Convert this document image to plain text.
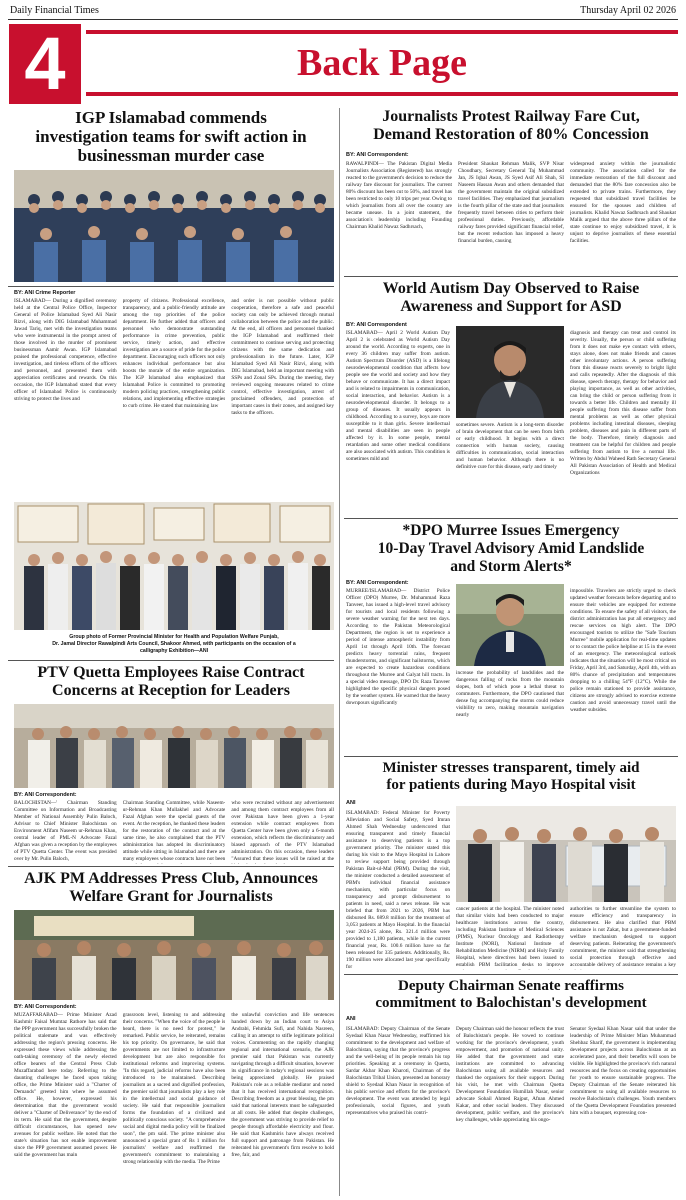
Daily Financial Times	Thursday April 02 2026
4	Back Page
IGP Islamabad commends
investigation teams for swift action in
businessman murder case
BY: ANI Crime Reporter
ISLAMABAD— During a dignified ceremony held at the Central Police Office, Inspector General of Police Islamabad Syed Ali Nasir Rizvi, along with DIG Islamabad Muhammad Jawad Tariq, met with the investigation teams who were instrumental in the prompt arrest of those involved in the murder of prominent businessman Aamir Awan. IGP Islamabad praised the professional competence, effective investigation, and tireless efforts of the officers and personnel, and presented them with appreciation certificates and rewards. On this occasion, the IGP Islamabad stated that every officer of Islamabad Police is continuously striving to protect the lives and
property of citizens. Professional excellence, transparency, and a public-friendly attitude are among the top priorities of the police department. He further added that officers and personnel who demonstrate outstanding performance in crime prevention, public service, timely action, and effective investigation are a source of pride for the police department. Encouraging such officers not only enhances individual performance but also boosts the morale of the entire organization. The IGP Islamabad also emphasized that Islamabad Police is committed to promoting modern policing practices, strengthening public relations, and implementing effective strategies to curb crime. He stated that maintaining law
and order is not possible without public cooperation, therefore a safe and peaceful society can only be achieved through mutual collaboration between the police and the public. At the end, all officers and personnel thanked the IGP Islamabad and reaffirmed their commitment to continue serving and protecting citizens with the same dedication and professionalism in the future. Later, IGP Islamabad Syed Ali Nasir Rizvi, along with DIG Islamabad, held an important meeting with SSPs and Zonal SPs. During the meeting, they reviewed ongoing measures related to crime control, effective investigation, arrest of proclaimed offenders, and protection of important cases in their zones, and assigned key tasks to the officers.
Group photo of Former Provincial Minister for Health and Population Welfare Punjab,
Dr. Jamal Director Rawalpindi Arts Council, Shakoor Ahmed, with participants on the occasion of a
calligraphy Exhibition—ANI
PTV Quetta Employees Raise Contract
Concerns at Reception for Leaders
BY: ANI Correspondent:
BALOCHISTAN—' Chairman Standing Committee on Information and Broadcasting Member of National Assembly Pulin Baloch, Advisor to Chief Minister Balochistan on Environment Afifam Naseem ur-Rehman Khan, central leader of PML-N Advocate Fazal Afghan was given a reception by the employees of PTV Quetta Center. The event was presided over by Mr. Pulin Baloch,
Chairman Standing Committee, while Naseem-ur-Rehman Khan Mullakhel and Advocate Fazal Afghan were the special guests of the event. At the reception, he thanked these leaders for the restoration of the contract and at the same time, he also complained that the PTV administration has adopted its discriminatory attitude while sitting in Islamabad and there are many employees whose contracts have not been
who were recruited without any advertisement and among them contract employees from all over Pakistan have been given a 1-year extension while contract employees from Quetta Center have been given only a 6-month extension, which reflects the discriminatory and biased approach of the PTV Islamabad administration. On this occasion, these leaders "Assured that these issues will be raised at the
AJK PM Addresses Press Club, Announces
Welfare Grant for Journalists
BY: ANI Correspondent:
MUZAFFARABAD— Prime Minister Azad Kashmir Faisal Mumtaz Rathore has said that the PPP government has successfully broken the political stalemate and was effectively addressing the region's pressing concerns. He expressed these views while addressing the oath-taking ceremony of the newly elected office bearers of the Central Press Club Muzaffarabad here today. Referring to the daunting challenges he faced upon taking office, the Prime Minister said a "Charter of Demands" greeted him where he assumed office. He, however, expressed his determination that the government would deliver a "Charter of Deliverance" by the end of its term. He said that the government, despite difficult circumstances, has opened new avenues for public welfare. He noted that the state's situation has not enable improvement since the PPP government assumed power. He said the government has main
grassroots level, listening to and addressing their concerns. "When the voice of the people is heard, there is no need for protest," he remarked. Public service, he reiterated, remains his top priority. On governance, he said that governments are not limited to infrastructure development but are also responsible for institutional reforms and improving systems. "In this regard, judicial reforms have also been introduced to be maintained. Describing journalism as a sacred and dignified profession, the premier said that journalists play a key role in the intellectual and social guidance of society. He said that responsible journalism forms the foundation of a civilized and politically conscious society. "A comprehensive social and digital media policy will be finalized soon", the pm said. The prime minister also announced a special grant of Rs 1 million for journalists' welfare and reaffirmed the government's commitment to maintaining a strong relationship with the media. The Prime
the unlawful conviction and life sentences handed down by an Indian court to Asiya Andrabi, Fehmida Sufi, and Nahida Nasreen, calling it an attempt to stifle legitimate political voices. Commenting on the rapidly changing regional and international scenario, the AJK premier said that Pakistan was currently navigating through a difficult situation, however its significance in today's regional sessions was being appreciated globally. He praised Pakistan's role as a reliable mediator and noted that it has received international recognition. Describing freedom as a great blessing, the pm said that national interests must be safeguarded at all costs. He added that despite challenges, the government was striving to provide relief to people through affordable electricity and flour. He said that Kashmiris have always received full support and patronage from Pakistan. He reiterated his government's firm resolve to hold free, fair, and
Journalists Protest Railway Fare Cut,
Demand Restoration of 80% Concession
BY: ANI Correspondent:
RAWALPINDI— The Pakistan Digital Media Journalists Association (Registered) has strongly reacted to the government's decision to reduce the railway fare discount for journalists. The current 80% discount has been cut to 50%, and travel has been restricted to only 10 trips per year. Owing to which journalists from all over the country are became unease. In a joint statement, the association's leadership including Founding Chairman Khalid Nawaz Sadhrsach,
President Shaukat Rehman Malik, SVP Nisar Choudhary, Secretary General Taj Muhammad Jan, JS Iqbal Awan, JS Syed Asif Ali Shah, SI Naseem Hassan Awan and others demanded that the government maintain the original subsidized travel facilities. They emphasized that journalism is the fourth pillar of the state and that journalists frequently travel between cities to perform their professional duties. Previously, affordable railway fares provided significant financial relief, but the recent reduction has imposed a heavy financial burden, causing
widespread anxiety within the journalistic community. The association called for the immediate restoration of the full discount and demanded that the 80% fare concession also be extended to private trains. Furthermore, they requested that subsidized travel facilities be ensured for the spouses and children of journalists. Khalid Nawaz Sadhrsach and Shaukat Malik argued that the above three pillars of the state continue to enjoy subsidized travel, it is unjust to deprive journalists of these essential facilities.
World Autism Day Observed to Raise
Awareness and Support for ASD
BY: ANI Correspondent
ISLAMABAD— April 2 World Autism Day April 2 is celebrated as World Autism Day around the world. According to experts, one in every 36 children may suffer from autism. Autism Spectrum Disorder (ASD) is a lifelong neurodevelopmental condition that affects how people see the world and society and how they behave or communicate. It has a direct impact and is related to impairments in communication, social interaction, and behavior. Autism is a neurodevelopmental disorder. It belongs to a group of diseases. It usually appears in childhood. According to a survey, boys are more susceptible to it than girls. Severe intellectual and mental disabilities are seen in people affected by it. In some people, mental retardation and some other medical conditions are also associated with autism. This condition is sometimes mild and
sometimes severe. Autism is a long-term disorder of brain development that can be seen from birth or early childhood. It begins with a direct connection with human society, causing difficulties in communication, social interaction and human behavior. Although there is no definitive cure for this disease, early and timely
diagnosis and therapy can treat and control its severity. Usually, the person or child suffering from it does not make eye contact with others, stays alone, does not make friends and causes other involuntary actions. A person suffering from this disease reacts severely to bright light and calls repeatedly. After the diagnosis of this disease, speech therapy, therapy for behavior and playing importance, as well as other activities, can bring the child or person suffering from it towards a better life. Children and mentally ill people suffering from this disease suffer from mental problems as well as other physical problems including intestinal diseases, sleeping problem, diseases and pain in different parts of the body. Therefore, timely diagnosis and treatment can be helpful for children and people suffering from autism to live a normal life. Written by Abdul Waheed Rath Secretary General All Pakistan Association of Health and Medical Organizations
*DPO Murree Issues Emergency
10-Day Travel Advisory Amid Landslide
and Storm Alerts*
BY: ANI Correspondent:
MURREE/ISLAMABAD— District Police Officer (DPO) Murree, Dr. Muhammad Raza Tanveer, has issued a high-level travel advisory for tourists and local residents following a severe weather warning for the next ten days. According to the Pakistan Meteorological Department, the region is set to experience a period of intense atmospheric instability from April 1st through April 10th. The forecast predicts heavy torrential rains, frequent thunderstorms, and significant hailstorms, which are expected to create hazardous conditions throughout the Murree and Galyat hill tracts. In a special video message, DPO Dr. Raza Tanveer highlighted the specific physical dangers posed by the weather system. He warned that the heavy downpours significantly
increase the probability of landslides and the dangerous falling of rocks from the mountain slopes, both of which pose a lethal threat to commuters. Furthermore, the DPO cautioned that dense fog accompanying the storms could reduce visibility to zero, making mountain navigation nearly
impossible. Travelers are strictly urged to check updated weather forecasts before departing and to ensure their vehicles are equipped for extreme conditions. To ensure the safety of all visitors, the district administration has put all emergency and rescue services on high alert. The DPO encouraged tourists to utilize the "Safe Tourism Murree" mobile application for real-time updates or to contact the police helpline at 15 in the event of an emergency. The meteorological outlook indicates that the situation will be most critical on Friday, April 3rd, and Saturday, April 4th, with an 80% chance of precipitation and temperatures dropping to a chilling 54°F (12°C). While the police remain stationed to provide assistance, citizens are strongly advised to exercise extreme caution and avoid unnecessary travel until the weather subsides.
Minister stresses transparent, timely aid
for patients during Mayo Hospital visit
ANI
ISLAMABAD: Federal Minister for Poverty Alleviation and Social Safety, Syed Imran Ahmed Shah Wednesday underscored that ensuring transparent and timely financial assistance to deserving patients is a top government priority. The minister stated this during his visit to the Mayo Hospital in Lahore to review support being provided through Pakistan Bait-ul-Mal (PBM). During the visit, the minister conducted a detailed assessment of PBM's individual financial assistance mechanism, with particular focus on transparency and prompt disbursement to patients in need, said a news release. He was briefed that from 2021 to 2026, PBM has disbursed Rs. 689.8 million for the treatment of 3,053 patients at Mayo Hospital. In the financial year 2024-25 alone, Rs. 321.4 million were provided to 1,180 patients, while in the current financial year, Rs. 100.6 million have so far been released for 335 patients. Additionally, Rs. 190 million were allocated last year specifically for
cancer patients at the hospital. The minister noted that similar visits had been conducted to major healthcare institutions across the country, including Pakistan Institute of Medical Sciences (PIMS), Nuclear Oncology and Radiotherapy Institute (NORI), National Institute of Rehabilitation Medicine (NIRM) and Holy Family Hospital, where directives had been issued to establish PBM facilitation desks to improve
authorities to further streamline the system to ensure efficiency and transparency in disbursement. He also clarified that PBM assistance is not Zakat, but a government-funded welfare mechanism designed to support deserving patients. Reiterating the government's commitment, the minister said that strengthening social protection through effective and accountable delivery of assistance remains a key
Deputy Chairman Senate reaffirms
commitment to Balochistan's development
ANI
ISLAMABAD: Deputy Chairman of the Senate Syedaal Khan Nasar Wednesday, reaffirmed his commitment to the development and welfare of Balochistan, saying that the province's progress and the well-being of its people remain his top priorities. Speaking at a ceremony in Quetta, Sardar Akbar Khan Kharoti, Chairman of the Balochistan Tribal Union, presented an honorary shield to Syedaal Khan Nasar in recognition of his public service and efforts for the province's development. The event was attended by legal professionals, social figures, and youth representatives who praised his contri-
Deputy Chairman said the honour reflects the trust of Balochistan's people. He vowed to continue working for the province's development, youth empowerment, and promotion of national unity. He added that the government and state institutions are committed to advancing Balochistan using all available resources and thanked the organisers for their support. During his visit, he met with Chairman Quetta Development Foundation Humillah Nasar, senior advocate Sohail Ahmed Rajput, Afnan Ahmed Kakar, and other social leaders. They discussed development, public welfare, and the province's key challenges, while appreciating his ongo-
Senator Syedaal Khan Nasar said that under the leadership of Prime Minister Mian Muhammad Shehbaz Sharif, the government is implementing development projects across Balochistan at an accelerated pace, and their benefits will soon be visible. He highlighted the province's rich natural resources and the focus on creating opportunities for youth to ensure sustainable progress. The Deputy Chairman of the Senate reiterated his commitment to using all available resources to resolve Balochistan's challenges. Youth members of the Quetta Development Foundation presented him with a bouquet, expressing con-
